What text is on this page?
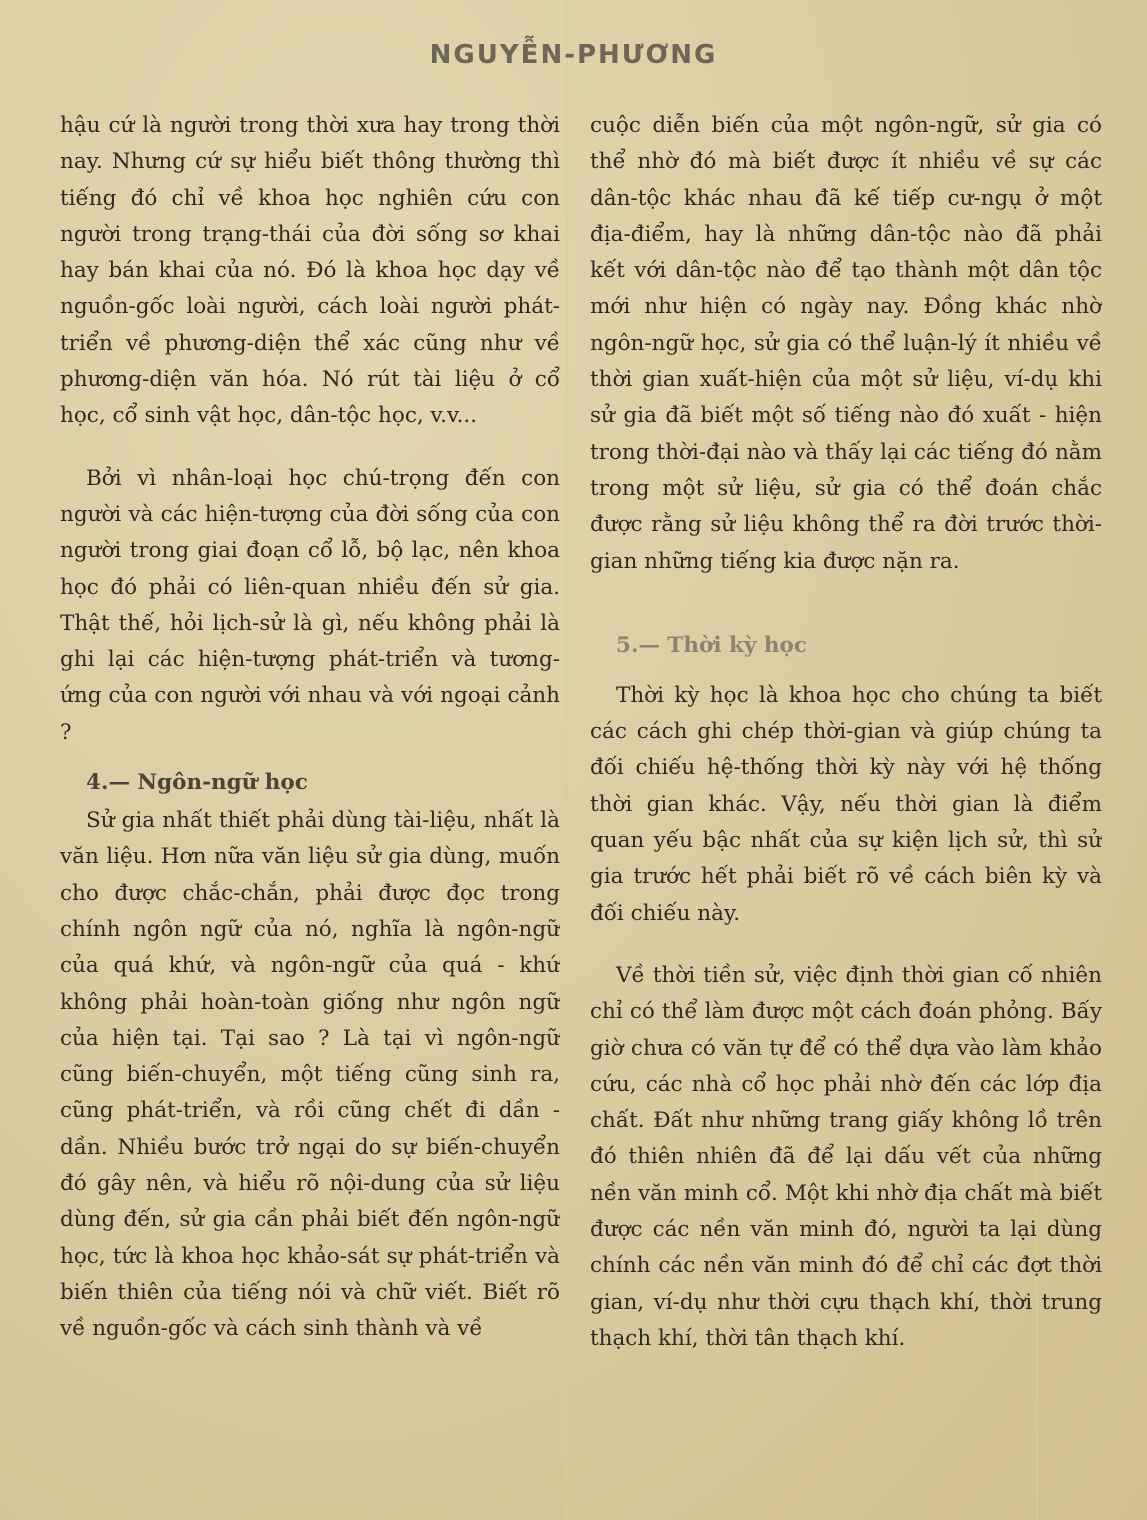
NGUYỄN-PHƯƠNG

hậu cứ là người trong thời xưa hay trong thời nay. Nhưng cứ sự hiểu biết thông thường thì tiếng đó chỉ về khoa học nghiên cứu con người trong trạng-thái của đời sống sơ khai hay bán khai của nó. Đó là khoa học dạy về nguồn-gốc loài người, cách loài người phát-triển về phương-diện thể xác cũng như về phương-diện văn hóa. Nó rút tài liệu ở cổ học, cổ sinh vật học, dân-tộc học, v.v...

Bởi vì nhân-loại học chú-trọng đến con người và các hiện-tượng của đời sống của con người trong giai đoạn cổ lỗ, bộ lạc, nên khoa học đó phải có liên-quan nhiều đến sử gia. Thật thế, hỏi lịch-sử là gì, nếu không phải là ghi lại các hiện-tượng phát-triển và tương-ứng của con người với nhau và với ngoại cảnh ?

4.— Ngôn-ngữ học

Sử gia nhất thiết phải dùng tài-liệu, nhất là văn liệu. Hơn nữa văn liệu sử gia dùng, muốn cho được chắc-chắn, phải được đọc trong chính ngôn ngữ của nó, nghĩa là ngôn-ngữ của quá khứ, và ngôn-ngữ của quá - khứ không phải hoàn-toàn giống như ngôn ngữ của hiện tại. Tại sao ? Là tại vì ngôn-ngữ cũng biến-chuyển, một tiếng cũng sinh ra, cũng phát-triển, và rồi cũng chết đi dần - dần. Nhiều bước trở ngại do sự biến-chuyển đó gây nên, và hiểu rõ nội-dung của sử liệu dùng đến, sử gia cần phải biết đến ngôn-ngữ học, tức là khoa học khảo-sát sự phát-triển và biến thiên của tiếng nói và chữ viết. Biết rõ về nguồn-gốc và cách sinh thành và về

cuộc diễn biến của một ngôn-ngữ, sử gia có thể nhờ đó mà biết được ít nhiều về sự các dân-tộc khác nhau đã kế tiếp cư-ngụ ở một địa-điểm, hay là những dân-tộc nào đã phải kết với dân-tộc nào để tạo thành một dân tộc mới như hiện có ngày nay. Đồng khác nhờ ngôn-ngữ học, sử gia có thể luận-lý ít nhiều về thời gian xuất-hiện của một sử liệu, ví-dụ khi sử gia đã biết một số tiếng nào đó xuất - hiện trong thời-đại nào và thấy lại các tiếng đó nằm trong một sử liệu, sử gia có thể đoán chắc được rằng sử liệu không thể ra đời trước thời-gian những tiếng kia được nặn ra.

5.— Thời kỳ học

Thời kỳ học là khoa học cho chúng ta biết các cách ghi chép thời-gian và giúp chúng ta đối chiếu hệ-thống thời kỳ này với hệ thống thời gian khác. Vậy, nếu thời gian là điểm quan yếu bậc nhất của sự kiện lịch sử, thì sử gia trước hết phải biết rõ về cách biên kỳ và đối chiếu này.

Về thời tiền sử, việc định thời gian cố nhiên chỉ có thể làm được một cách đoán phỏng. Bấy giờ chưa có văn tự để có thể dựa vào làm khảo cứu, các nhà cổ học phải nhờ đến các lớp địa chất. Đất như những trang giấy không lồ trên đó thiên nhiên đã để lại dấu vết của những nền văn minh cổ. Một khi nhờ địa chất mà biết được các nền văn minh đó, người ta lại dùng chính các nền văn minh đó để chỉ các đợt thời gian, ví-dụ như thời cựu thạch khí, thời trung thạch khí, thời tân thạch khí.
